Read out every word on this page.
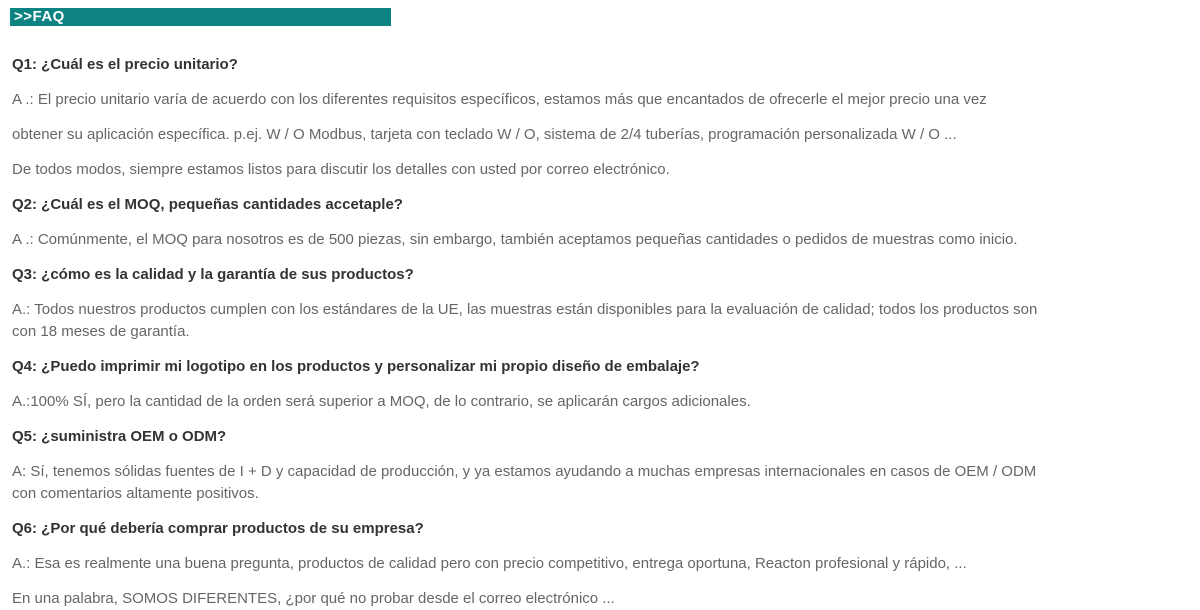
>>FAQ

Q1: ¿Cuál es el precio unitario?

A .: El precio unitario varía de acuerdo con los diferentes requisitos específicos, estamos más que encantados de ofrecerle el mejor precio una vez

obtener su aplicación específica. p.ej. W / O Modbus, tarjeta con teclado W / O, sistema de 2/4 tuberías, programación personalizada W / O ...

De todos modos, siempre estamos listos para discutir los detalles con usted por correo electrónico.

Q2: ¿Cuál es el MOQ, pequeñas cantidades accetaple?

A .: Comúnmente, el MOQ para nosotros es de 500 piezas, sin embargo, también aceptamos pequeñas cantidades o pedidos de muestras como inicio.

Q3: ¿cómo es la calidad y la garantía de sus productos?

A.: Todos nuestros productos cumplen con los estándares de la UE, las muestras están disponibles para la evaluación de calidad; todos los productos son con 18 meses de garantía.

Q4: ¿Puedo imprimir mi logotipo en los productos y personalizar mi propio diseño de embalaje?

A.:100% SÍ, pero la cantidad de la orden será superior a MOQ, de lo contrario, se aplicarán cargos adicionales.

Q5: ¿suministra OEM o ODM?

A: Sí, tenemos sólidas fuentes de I + D y capacidad de producción, y ya estamos ayudando a muchas empresas internacionales en casos de OEM / ODM con comentarios altamente positivos.

Q6: ¿Por qué debería comprar productos de su empresa?

A.: Esa es realmente una buena pregunta, productos de calidad pero con precio competitivo, entrega oportuna, Reacton profesional y rápido, ...

En una palabra, SOMOS DIFERENTES, ¿por qué no probar desde el correo electrónico ...
